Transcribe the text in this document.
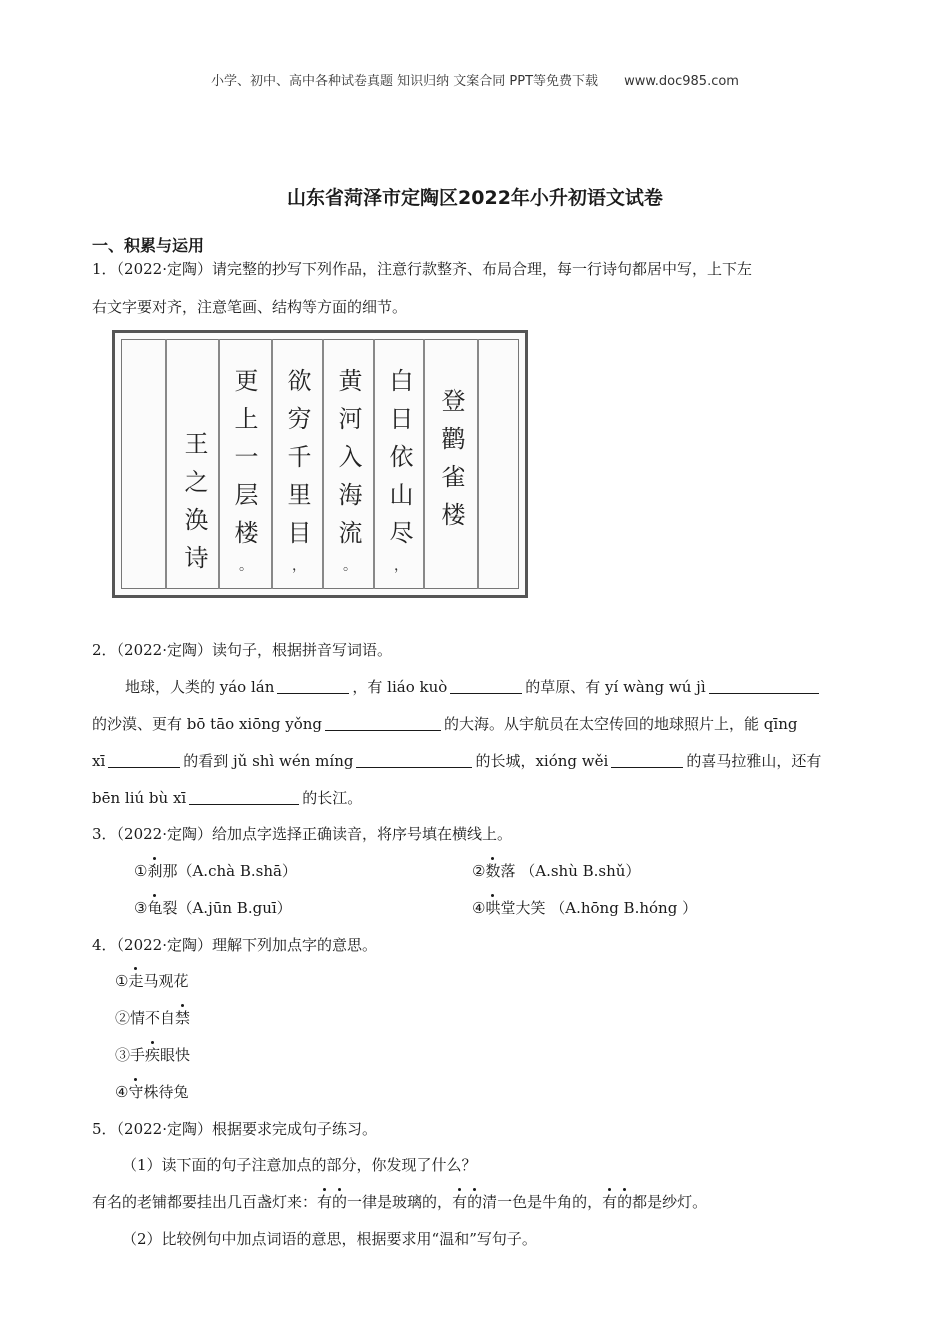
小学、初中、高中各种试卷真题 知识归纳 文案合同 PPT等免费下载 www.doc985.com
山东省菏泽市定陶区2022年小升初语文试卷
一、积累与运用
1．（2022·定陶）请完整的抄写下列作品，注意行款整齐、布局合理，每一行诗句都居中写，上下左
右文字要对齐，注意笔画、结构等方面的细节。
登鹳雀楼
白日依山尽
，
黄河入海流
。
欲穷千里目
，
更上一层楼
。
王之涣诗
2．（2022·定陶）读句子，根据拼音写词语。
地球，人类的 yáo lán	，有 liáo kuò	的草原、有 yí wàng wú jì
的沙漠、更有 bō tāo xiōng yǒng	的大海。从宇航员在太空传回的地球照片上，能 qīng
xī	的看到 jǔ shì wén míng	的长城，xióng wěi	的喜马拉雅山，还有
bēn liú bù xī	的长江。
3．（2022·定陶）给加点字选择正确读音，将序号填在横线上。
①刹那（A.chà B.shā）	②数落 （A.shù B.shǔ）
③龟裂（A.jūn B.guī）	④哄堂大笑 （A.hōng B.hóng ）
4．（2022·定陶）理解下列加点字的意思。
①走马观花
②情不自禁
③手疾眼快
④守株待兔
5．（2022·定陶）根据要求完成句子练习。
（1）读下面的句子注意加点的部分，你发现了什么？
有名的老铺都要挂出几百盏灯来：有的一律是玻璃的，有的清一色是牛角的，有的都是纱灯。
（2）比较例句中加点词语的意思，根据要求用“温和”写句子。
